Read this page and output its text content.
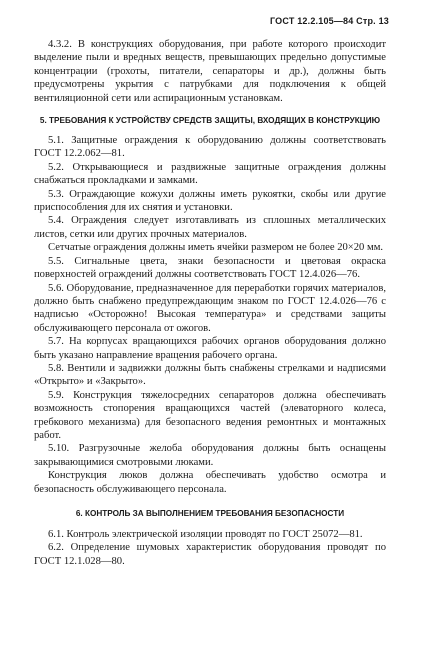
ГОСТ 12.2.105—84 Стр. 13

4.3.2. В конструкциях оборудования, при работе которого происходит выделение пыли и вредных веществ, превышающих предельно допустимые концентрации (грохоты, питатели, сепараторы и др.), должны быть предусмотрены укрытия с патрубками для подключения к общей вентиляционной сети или аспирационным установкам.

5. ТРЕБОВАНИЯ К УСТРОЙСТВУ СРЕДСТВ ЗАЩИТЫ, ВХОДЯЩИХ В КОНСТРУКЦИЮ

5.1. Защитные ограждения к оборудованию должны соответствовать ГОСТ 12.2.062—81.

5.2. Открывающиеся и раздвижные защитные ограждения должны снабжаться прокладками и замками.

5.3. Ограждающие кожухи должны иметь рукоятки, скобы или другие приспособления для их снятия и установки.

5.4. Ограждения следует изготавливать из сплошных металлических листов, сетки или других прочных материалов.

Сетчатые ограждения должны иметь ячейки размером не более 20×20 мм.

5.5. Сигнальные цвета, знаки безопасности и цветовая окраска поверхностей ограждений должны соответствовать ГОСТ 12.4.026—76.

5.6. Оборудование, предназначенное для переработки горячих материалов, должно быть снабжено предупреждающим знаком по ГОСТ 12.4.026—76 с надписью «Осторожно! Высокая температура» и средствами защиты обслуживающего персонала от ожогов.

5.7. На корпусах вращающихся рабочих органов оборудования должно быть указано направление вращения рабочего органа.

5.8. Вентили и задвижки должны быть снабжены стрелками и надписями «Открыто» и «Закрыто».

5.9. Конструкция тяжелосредних сепараторов должна обеспечивать возможность стопорения вращающихся частей (элеваторного колеса, гребкового механизма) для безопасного ведения ремонтных и монтажных работ.

5.10. Разгрузочные желоба оборудования должны быть оснащены закрывающимися смотровыми люками.

Конструкция люков должна обеспечивать удобство осмотра и безопасность обслуживающего персонала.

6. КОНТРОЛЬ ЗА ВЫПОЛНЕНИЕМ ТРЕБОВАНИЯ БЕЗОПАСНОСТИ

6.1. Контроль электрической изоляции проводят по ГОСТ 25072—81.

6.2. Определение шумовых характеристик оборудования проводят по ГОСТ 12.1.028—80.
